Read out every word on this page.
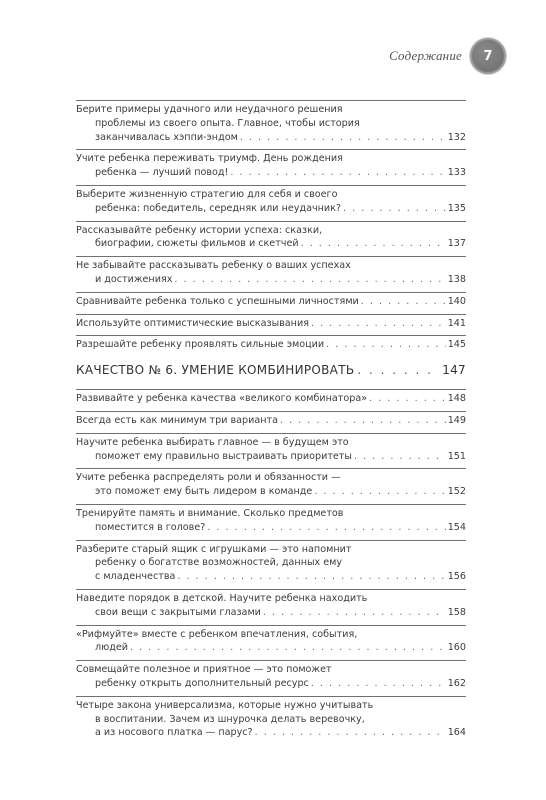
Содержание	7
Берите примеры удачного или неудачного решения
проблемы из своего опыта. Главное, чтобы история
заканчивалась хэппи-эндом . . .	132
Учите ребенка переживать триумф. День рождения
ребенка — лучший повод! . . .	133
Выберите жизненную стратегию для себя и своего
ребенка: победитель, середняк или неудачник? . . .	135
Рассказывайте ребенку истории успеха: сказки,
биографии, сюжеты фильмов и скетчей . . .	137
Не забывайте рассказывать ребенку о ваших успехах
и достижениях . . .	138
Сравнивайте ребенка только с успешными личностями . . .	140
Используйте оптимистические высказывания . . .	141
Разрешайте ребенку проявлять сильные эмоции . . .	145
КАЧЕСТВО № 6. УМЕНИЕ КОМБИНИРОВАТЬ . . .	147
Развивайте у ребенка качества «великого комбинатора» . . .	148
Всегда есть как минимум три варианта . . .	149
Научите ребенка выбирать главное — в будущем это
поможет ему правильно выстраивать приоритеты . . .	151
Учите ребенка распределять роли и обязанности —
это поможет ему быть лидером в команде . . .	152
Тренируйте память и внимание. Сколько предметов
поместится в голове? . . .	154
Разберите старый ящик с игрушками — это напомнит
ребенку о богатстве возможностей, данных ему
с младенчества . . .	156
Наведите порядок в детской. Научите ребенка находить
свои вещи с закрытыми глазами . . .	158
«Рифмуйте» вместе с ребенком впечатления, события,
людей . . .	160
Совмещайте полезное и приятное — это поможет
ребенку открыть дополнительный ресурс . . .	162
Четыре закона универсализма, которые нужно учитывать
в воспитании. Зачем из шнурочка делать веревочку,
а из носового платка — парус? . . .	164
